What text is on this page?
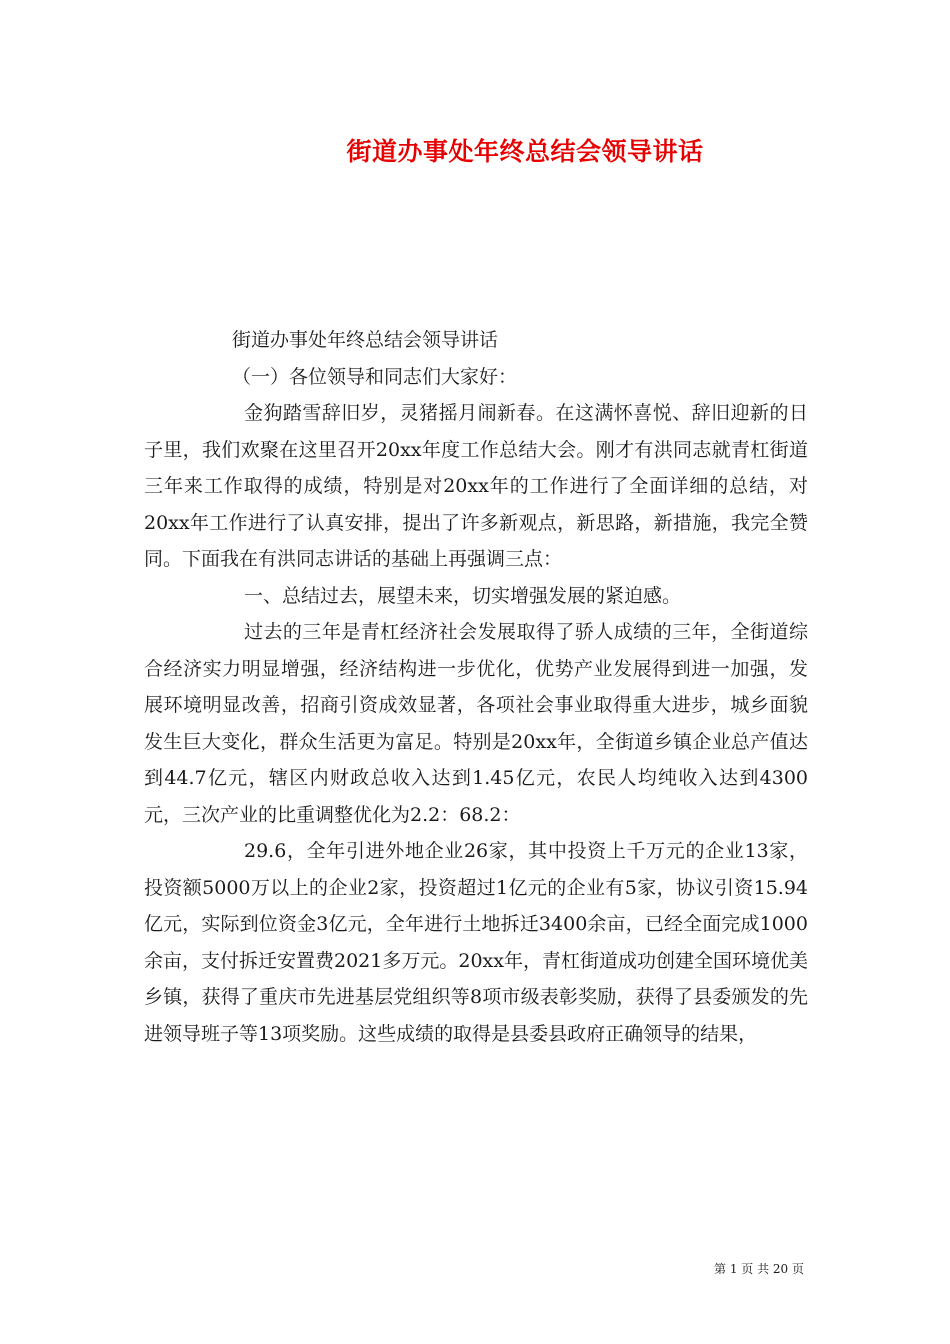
街道办事处年终总结会领导讲话

街道办事处年终总结会领导讲话

（一）各位领导和同志们大家好：

金狗踏雪辞旧岁，灵猪摇月闹新春。在这满怀喜悦、辞旧迎新的日子里，我们欢聚在这里召开20xx年度工作总结大会。刚才有洪同志就青杠街道三年来工作取得的成绩，特别是对20xx年的工作进行了全面详细的总结，对20xx年工作进行了认真安排，提出了许多新观点，新思路，新措施，我完全赞同。下面我在有洪同志讲话的基础上再强调三点：

一、总结过去，展望未来，切实增强发展的紧迫感。

过去的三年是青杠经济社会发展取得了骄人成绩的三年，全街道综合经济实力明显增强，经济结构进一步优化，优势产业发展得到进一加强，发展环境明显改善，招商引资成效显著，各项社会事业取得重大进步，城乡面貌发生巨大变化，群众生活更为富足。特别是20xx年，全街道乡镇企业总产值达到44.7亿元，辖区内财政总收入达到1.45亿元，农民人均纯收入达到4300元，三次产业的比重调整优化为2.2：68.2：

29.6，全年引进外地企业26家，其中投资上千万元的企业13家，投资额5000万以上的企业2家，投资超过1亿元的企业有5家，协议引资15.94亿元，实际到位资金3亿元，全年进行土地拆迁3400余亩，已经全面完成1000余亩，支付拆迁安置费2021多万元。20xx年，青杠街道成功创建全国环境优美乡镇，获得了重庆市先进基层党组织等8项市级表彰奖励，获得了县委颁发的先进领导班子等13项奖励。这些成绩的取得是县委县政府正确领导的结果，

第 1 页 共 20 页
